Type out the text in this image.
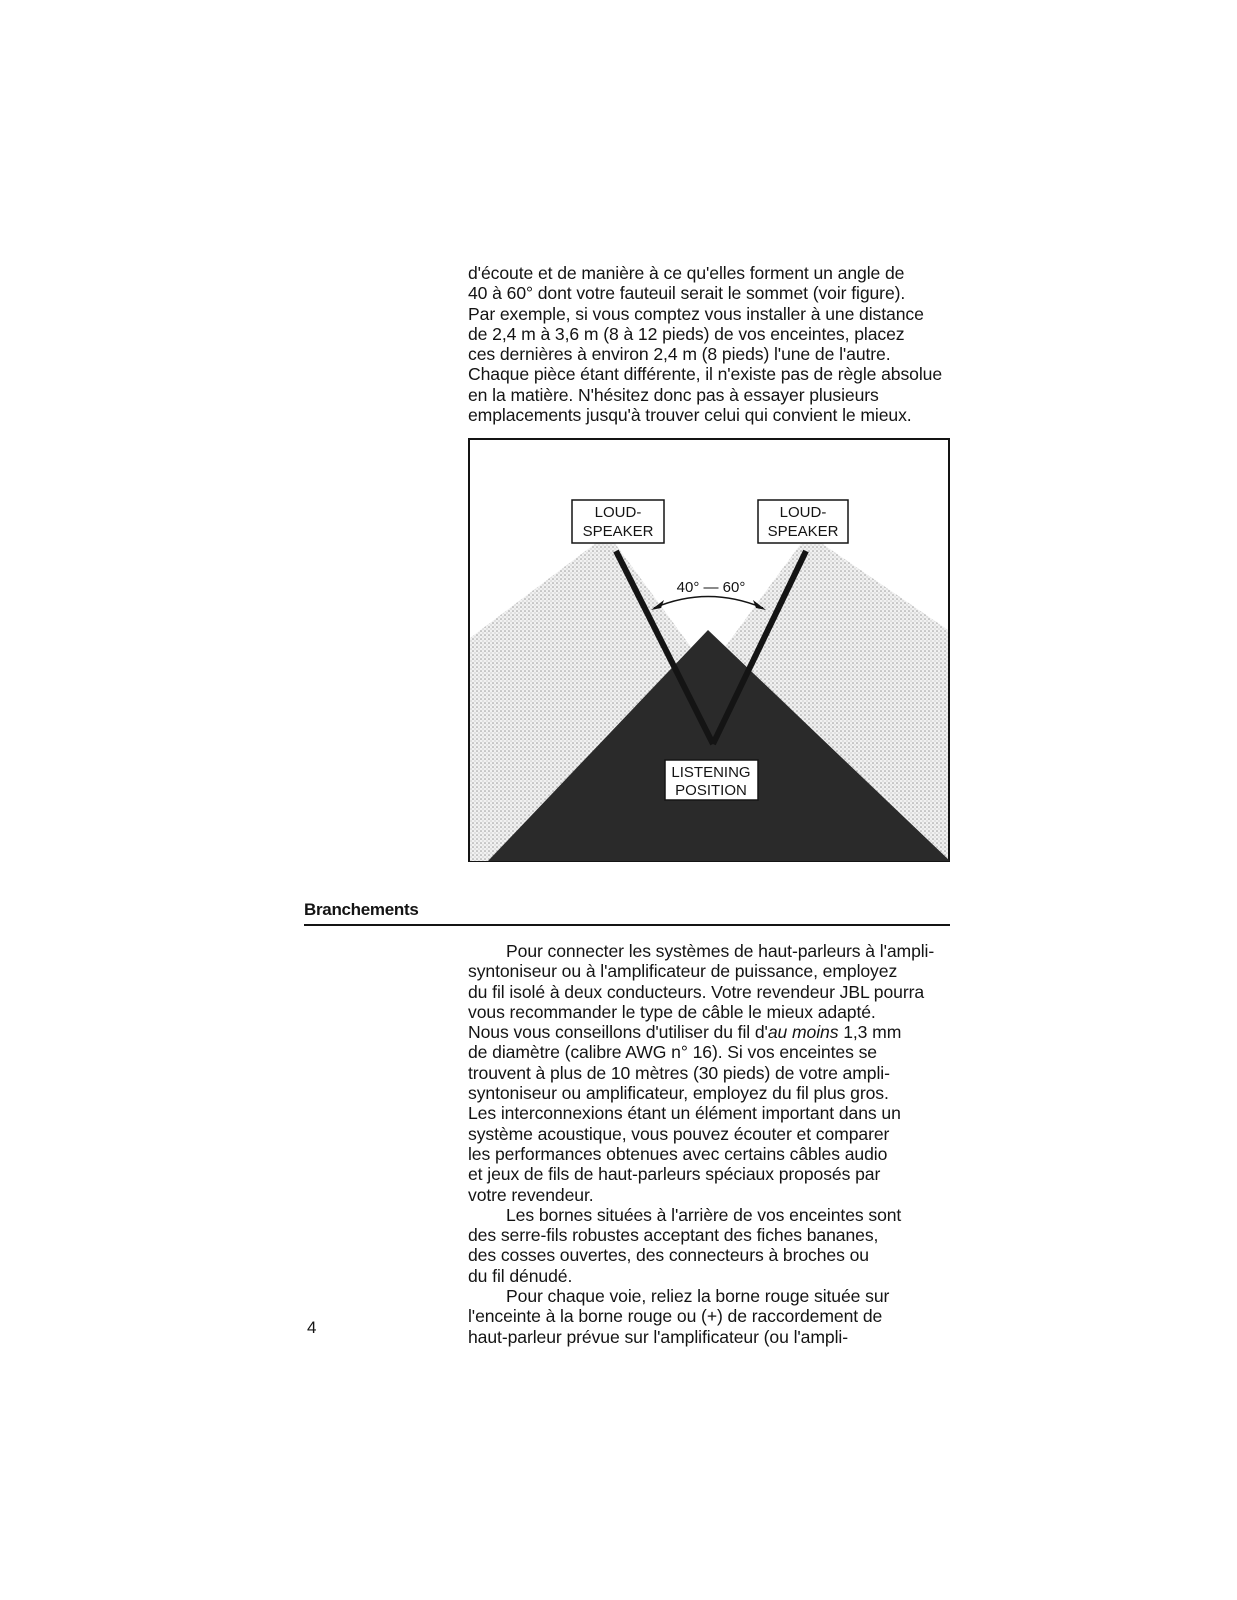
d'écoute et de manière à ce qu'elles forment un angle de
40 à 60° dont votre fauteuil serait le sommet (voir figure).
Par exemple, si vous comptez vous installer à une distance
de 2,4 m à 3,6 m (8 à 12 pieds) de vos enceintes, placez
ces dernières à environ 2,4 m (8 pieds) l'une de l'autre.
Chaque pièce étant différente, il n'existe pas de règle absolue
en la matière. N'hésitez donc pas à essayer plusieurs
emplacements jusqu'à trouver celui qui convient le mieux.
40° — 60°
LOUD-
SPEAKER
LOUD-
SPEAKER
LISTENING
POSITION
Branchements
Pour connecter les systèmes de haut-parleurs à l'ampli-
syntoniseur ou à l'amplificateur de puissance, employez
du fil isolé à deux conducteurs. Votre revendeur JBL pourra
vous recommander le type de câble le mieux adapté.
Nous vous conseillons d'utiliser du fil d'au moins 1,3 mm
de diamètre (calibre AWG n° 16). Si vos enceintes se
trouvent à plus de 10 mètres (30 pieds) de votre ampli-
syntoniseur ou amplificateur, employez du fil plus gros.
Les interconnexions étant un élément important dans un
système acoustique, vous pouvez écouter et comparer
les performances obtenues avec certains câbles audio
et jeux de fils de haut-parleurs spéciaux proposés par
votre revendeur.
Les bornes situées à l'arrière de vos enceintes sont
des serre-fils robustes acceptant des fiches bananes,
des cosses ouvertes, des connecteurs à broches ou
du fil dénudé.
Pour chaque voie, reliez la borne rouge située sur
l'enceinte à la borne rouge ou (+) de raccordement de
haut-parleur prévue sur l'amplificateur (ou l'ampli-
4
